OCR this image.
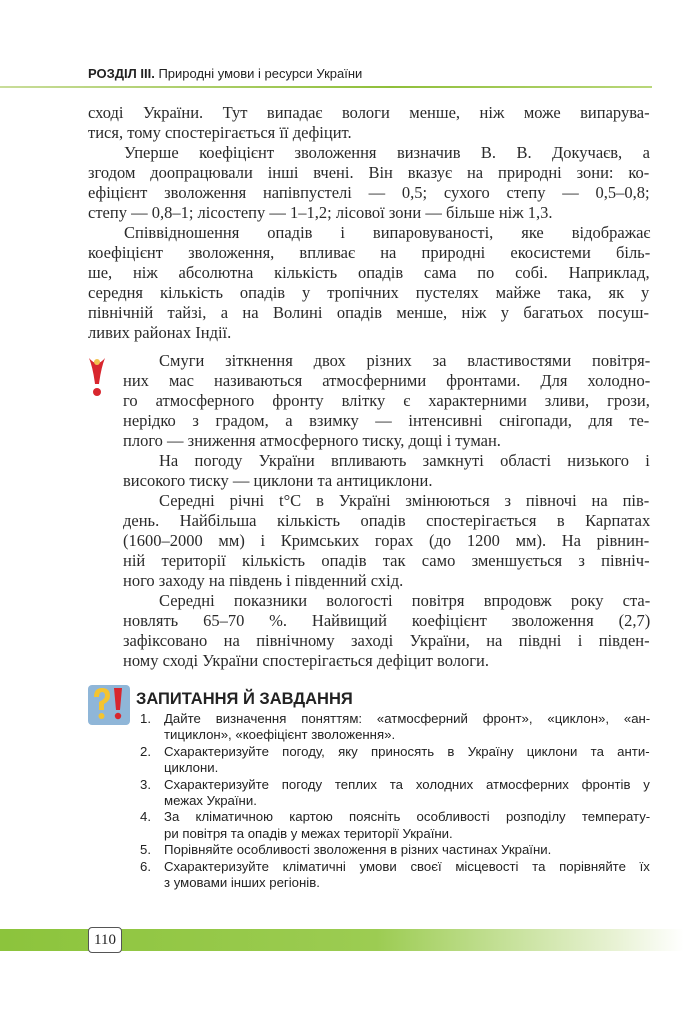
РОЗДІЛ ІІІ. Природні умови і ресурси України
сході України. Тут випадає вологи менше, ніж може випарува-
тися, тому спостерігається її дефіцит.
Уперше коефіцієнт зволоження визначив В. В. Докучаєв, а
згодом доопрацювали інші вчені. Він вказує на природні зони: ко-
ефіцієнт зволоження напівпустелі — 0,5; сухого степу — 0,5–0,8;
степу — 0,8–1; лісостепу — 1–1,2; лісової зони — більше ніж 1,3.
Співвідношення опадів і випаровуваності, яке відображає
коефіцієнт зволоження, впливає на природні екосистеми біль-
ше, ніж абсолютна кількість опадів сама по собі. Наприклад,
середня кількість опадів у тропічних пустелях майже така, як у
північній тайзі, а на Волині опадів менше, ніж у багатьох посуш-
ливих районах Індії.
Смуги зіткнення двох різних за властивостями повітря-
них мас називаються атмосферними фронтами. Для холодно-
го атмосферного фронту влітку є характерними зливи, грози,
нерідко з градом, а взимку — інтенсивні снігопади, для те-
плого — зниження атмосферного тиску, дощі і туман.
На погоду України впливають замкнуті області низького і
високого тиску — циклони та антициклони.
Середні річні t°C в Україні змінюються з півночі на пів-
день. Найбільша кількість опадів спостерігається в Карпатах
(1600–2000 мм) і Кримських горах (до 1200 мм). На рівнин-
ній території кількість опадів так само зменшується з північ-
ного заходу на південь і південний схід.
Середні показники вологості повітря впродовж року ста-
новлять 65–70 %. Найвищий коефіцієнт зволоження (2,7)
зафіксовано на північному заході України, на півдні і півден-
ному сході України спостерігається дефіцит вологи.
ЗАПИТАННЯ Й ЗАВДАННЯ
1. Дайте визначення поняттям: «атмосферний фронт», «циклон», «ан-
тициклон», «коефіцієнт зволоження».
2. Схарактеризуйте погоду, яку приносять в Україну циклони та анти-
циклони.
3. Схарактеризуйте погоду теплих та холодних атмосферних фронтів у
межах України.
4. За кліматичною картою поясніть особливості розподілу температу-
ри повітря та опадів у межах території України.
5. Порівняйте особливості зволоження в різних частинах України.
6. Схарактеризуйте кліматичні умови своєї місцевості та порівняйте їх
з умовами інших регіонів.
110
